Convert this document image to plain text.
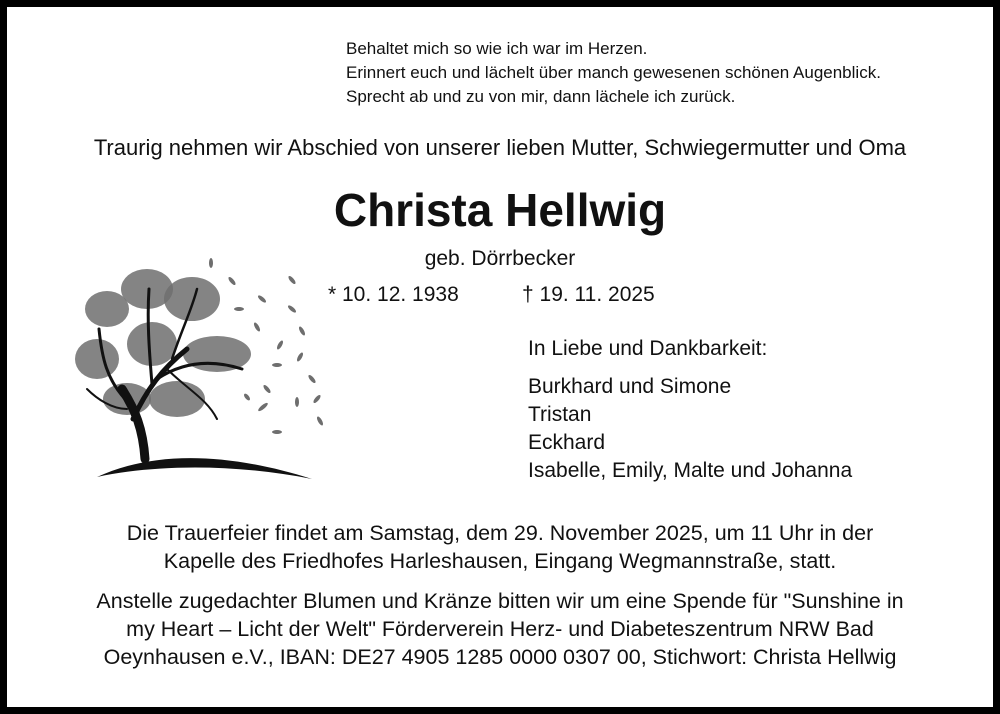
Behaltet mich so wie ich war im Herzen.
Erinnert euch und lächelt über manch gewesenen schönen Augenblick.
Sprecht ab und zu von mir, dann lächele ich zurück.
Traurig nehmen wir Abschied von unserer lieben Mutter, Schwiegermutter und Oma
Christa Hellwig
geb. Dörrbecker
* 10. 12. 1938	† 19. 11. 2025
In Liebe und Dankbarkeit:
Burkhard und Simone
Tristan
Eckhard
Isabelle, Emily, Malte und Johanna
Die Trauerfeier findet am Samstag, dem 29. November 2025, um 11 Uhr in der
Kapelle des Friedhofes Harleshausen, Eingang Wegmannstraße, statt.
Anstelle zugedachter Blumen und Kränze bitten wir um eine Spende für "Sunshine in
my Heart – Licht der Welt" Förderverein Herz- und Diabeteszentrum NRW Bad
Oeynhausen e.V., IBAN: DE27 4905 1285 0000 0307 00, Stichwort: Christa Hellwig
